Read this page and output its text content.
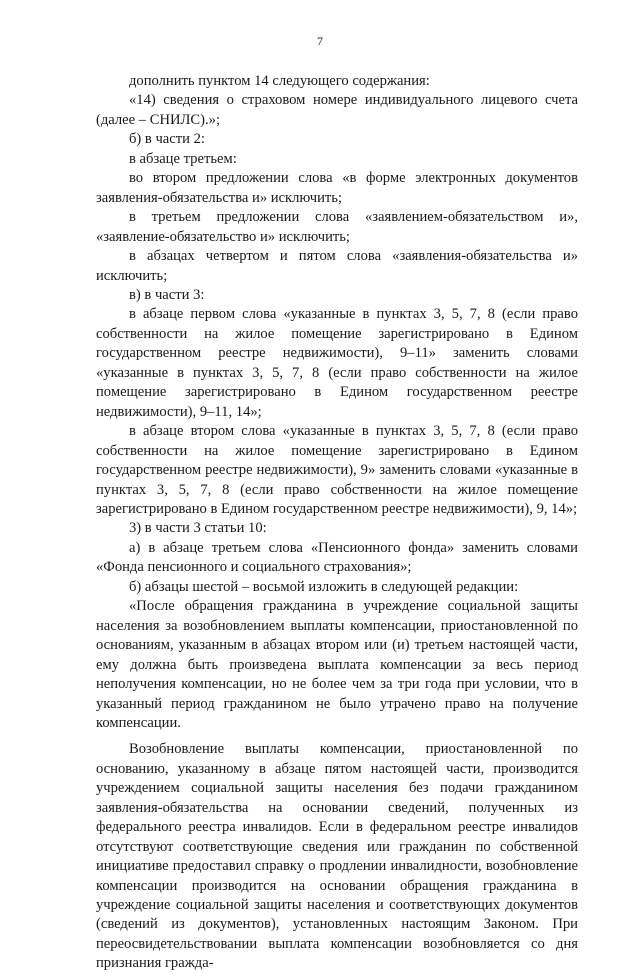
7

дополнить пунктом 14 следующего содержания:

«14) сведения о страховом номере индивидуального лицевого счета (далее – СНИЛС).»;

б) в части 2:

в абзаце третьем:

во втором предложении слова «в форме электронных документов заявления-обязательства и» исключить;

в третьем предложении слова «заявлением-обязательством и», «заявление-обязательство и» исключить;

в абзацах четвертом и пятом слова «заявления-обязательства и» исключить;

в) в части 3:

в абзаце первом слова «указанные в пунктах 3, 5, 7, 8 (если право собственности на жилое помещение зарегистрировано в Едином государственном реестре недвижимости), 9–11» заменить словами «указанные в пунктах 3, 5, 7, 8 (если право собственности на жилое помещение зарегистрировано в Едином государственном реестре недвижимости), 9–11, 14»;

в абзаце втором слова «указанные в пунктах 3, 5, 7, 8 (если право собственности на жилое помещение зарегистрировано в Едином государственном реестре недвижимости), 9» заменить словами «указанные в пунктах 3, 5, 7, 8 (если право собственности на жилое помещение зарегистрировано в Едином государственном реестре недвижимости), 9, 14»;

3) в части 3 статьи 10:

а) в абзаце третьем слова «Пенсионного фонда» заменить словами «Фонда пенсионного и социального страхования»;

б) абзацы шестой – восьмой изложить в следующей редакции:

«После обращения гражданина в учреждение социальной защиты населения за возобновлением выплаты компенсации, приостановленной по основаниям, указанным в абзацах втором или (и) третьем настоящей части, ему должна быть произведена выплата компенсации за весь период неполучения компенсации, но не более чем за три года при условии, что в указанный период гражданином не было утрачено право на получение компенсации.

Возобновление выплаты компенсации, приостановленной по основанию, указанному в абзаце пятом настоящей части, производится учреждением социальной защиты населения без подачи гражданином заявления-обязательства на основании сведений, полученных из федерального реестра инвалидов. Если в федеральном реестре инвалидов отсутствуют соответствующие сведения или гражданин по собственной инициативе предоставил справку о продлении инвалидности, возобновление компенсации производится на основании обращения гражданина в учреждение социальной защиты населения и соответствующих документов (сведений из документов), установленных настоящим Законом. При переосвидетельствовании выплата компенсации возобновляется со дня признания гражда-
